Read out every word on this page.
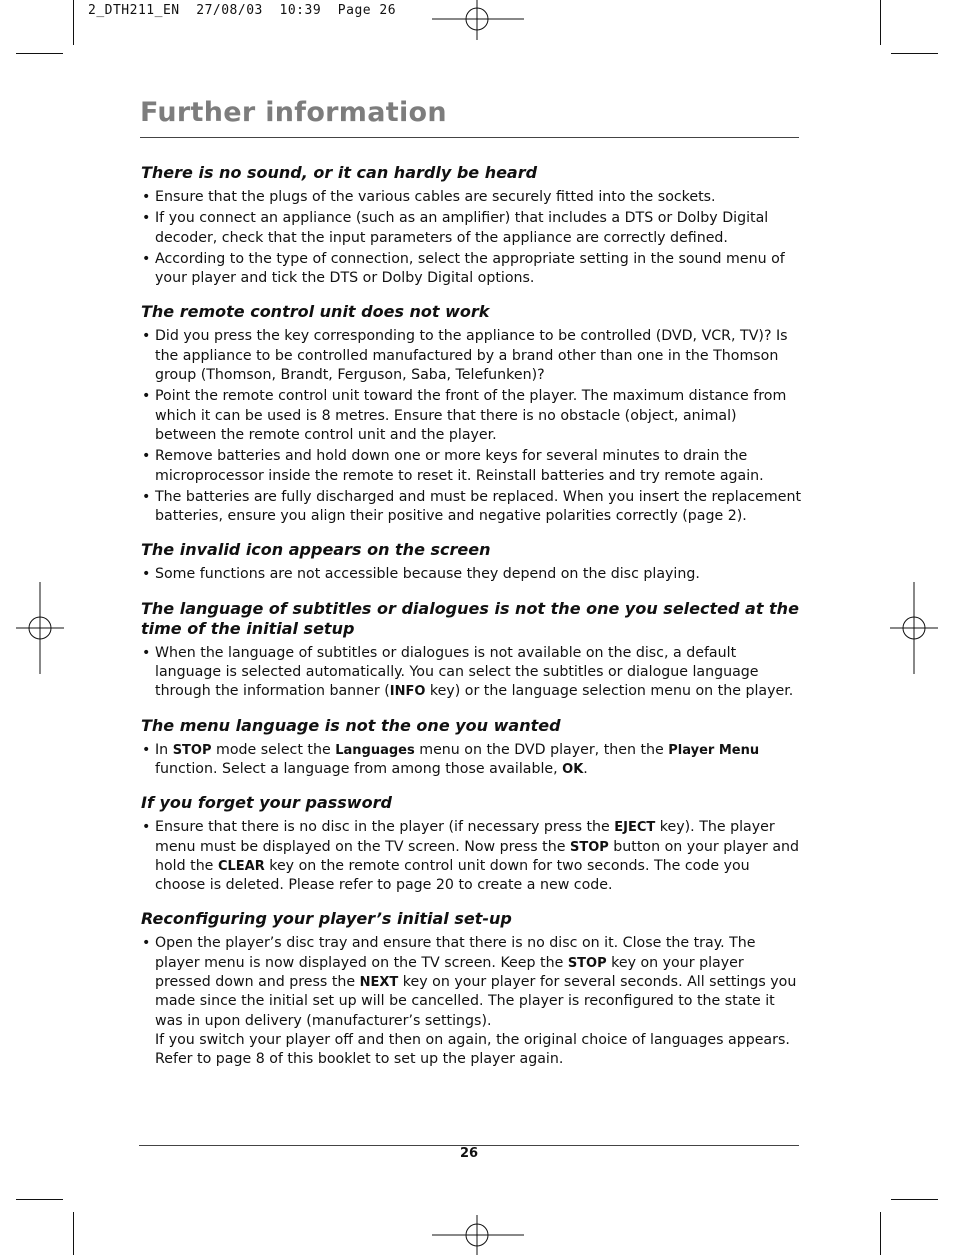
2_DTH211_EN  27/08/03  10:39  Page 26
Further information
There is no sound, or it can hardly be heard
• Ensure that the plugs of the various cables are securely fitted into the sockets.
• If you connect an appliance (such as an amplifier) that includes a DTS or Dolby Digital decoder, check that the input parameters of the appliance are correctly defined.
• According to the type of connection, select the appropriate setting in the sound menu of your player and tick the DTS or Dolby Digital options.
The remote control unit does not work
• Did you press the key corresponding to the appliance to be controlled (DVD, VCR, TV)? Is the appliance to be controlled manufactured by a brand other than one in the Thomson group (Thomson, Brandt, Ferguson, Saba, Telefunken)?
• Point the remote control unit toward the front of the player. The maximum distance from which it can be used is 8 metres. Ensure that there is no obstacle (object, animal) between the remote control unit and the player.
• Remove batteries and hold down one or more keys for several minutes to drain the microprocessor inside the remote to reset it. Reinstall batteries and try remote again.
• The batteries are fully discharged and must be replaced. When you insert the replacement batteries, ensure you align their positive and negative polarities correctly (page 2).
The invalid icon appears on the screen
• Some functions are not accessible because they depend on the disc playing.
The language of subtitles or dialogues is not the one you selected at the time of the initial setup
• When the language of subtitles or dialogues is not available on the disc, a default language is selected automatically. You can select the subtitles or dialogue language through the information banner (INFO key) or the language selection menu on the player.
The menu language is not the one you wanted
• In STOP mode select the Languages menu on the DVD player, then the Player Menu function. Select a language from among those available, OK.
If you forget your password
• Ensure that there is no disc in the player (if necessary press the EJECT key). The player menu must be displayed on the TV screen. Now press the STOP button on your player and hold the CLEAR key on the remote control unit down for two seconds. The code you choose is deleted. Please refer to page 20 to create a new code.
Reconfiguring your player’s initial set-up
• Open the player’s disc tray and ensure that there is no disc on it. Close the tray. The player menu is now displayed on the TV screen. Keep the STOP key on your player pressed down and press the NEXT key on your player for several seconds. All settings you made since the initial set up will be cancelled. The player is reconfigured to the state it was in upon delivery (manufacturer’s settings).
If you switch your player off and then on again, the original choice of languages appears. Refer to page 8 of this booklet to set up the player again.
26
